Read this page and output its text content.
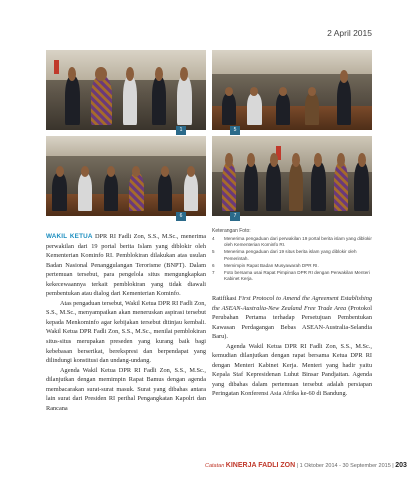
2 April 2015
1	5
6	7
Keterangan Foto:
4	Menerima pengaduan dari perwakilan 19 portal berita islam yang diblokir oleh Kementerian Kominfo RI.
5	Menerima pengaduan dari 19 situs berita islam yang diblokir oleh Pemerintah.
6	Memimpin Rapat Badan Musyawarah DPR RI.
7	Foto bersama usai Rapat Pimpinan DPR RI dengan Perwakilan Menteri Kabinet Kerja.

WAKIL KETUA DPR RI Fadli Zon, S.S., M.Sc., menerima perwakilan dari 19 portal berita Islam yang diblokir oleh Kementerian Kominfo RI. Pemblokiran dilakukan atas usulan Badan Nasional Penanggulangan Terorisme (BNPT). Dalam pertemuan tersebut, para pengelola situs mengungkapkan kekecewaannya terkait pemblokiran yang tidak diawali pembentukan atau dialog dari Kementerian Kominfo.

Atas pengaduan tersebut, Wakil Ketua DPR RI Fadli Zon, S.S., M.Sc., menyampaikan akan meneruskan aspirasi tersebut kepada Menkominfo agar kebijakan tersebut ditinjau kembali. Wakil Ketua DPR Fadli Zon, S.S., M.Sc., menilai pemblokiran situs-situs merupakan preseden yang kurang baik bagi kebebasan berserikat, berekspresi dan berpendapat yang dilindungi konstitusi dan undang-undang.

Agenda Wakil Ketua DPR RI Fadli Zon, S.S., M.Sc., dilanjutkan dengan memimpin Rapat Bamus dengan agenda membacarakan surat-surat masuk. Surat yang dibahas antara lain surat dari Presiden RI perihal Pengangkatan Kapolri dan Rancana

Ratifikasi First Protocol to Amend the Agreement Establishing the ASEAN-Australia-New Zealand Free Trade Area (Protokol Perubahan Pertama terhadap Persetujuan Pembentukan Kawasan Perdagangan Bebas ASEAN-Australia-Selandia Baru).

Agenda Wakil Ketua DPR RI Fadli Zon, S.S., M.Sc., kemudian dilanjutkan dengan rapat bersama Ketua DPR RI dengan Menteri Kabinet Kerja. Menteri yang hadir yaitu Kepala Staf Kepresidenan Luhut Binsar Pandjaitan. Agenda yang dibahas dalam pertemuan tersebut adalah persiapan Peringatan Konferensi Asia Afrika ke-60 di Bandung.

Catatan KINERJA FADLI ZON | 1 Oktober 2014 - 30 September 2015 | 203
